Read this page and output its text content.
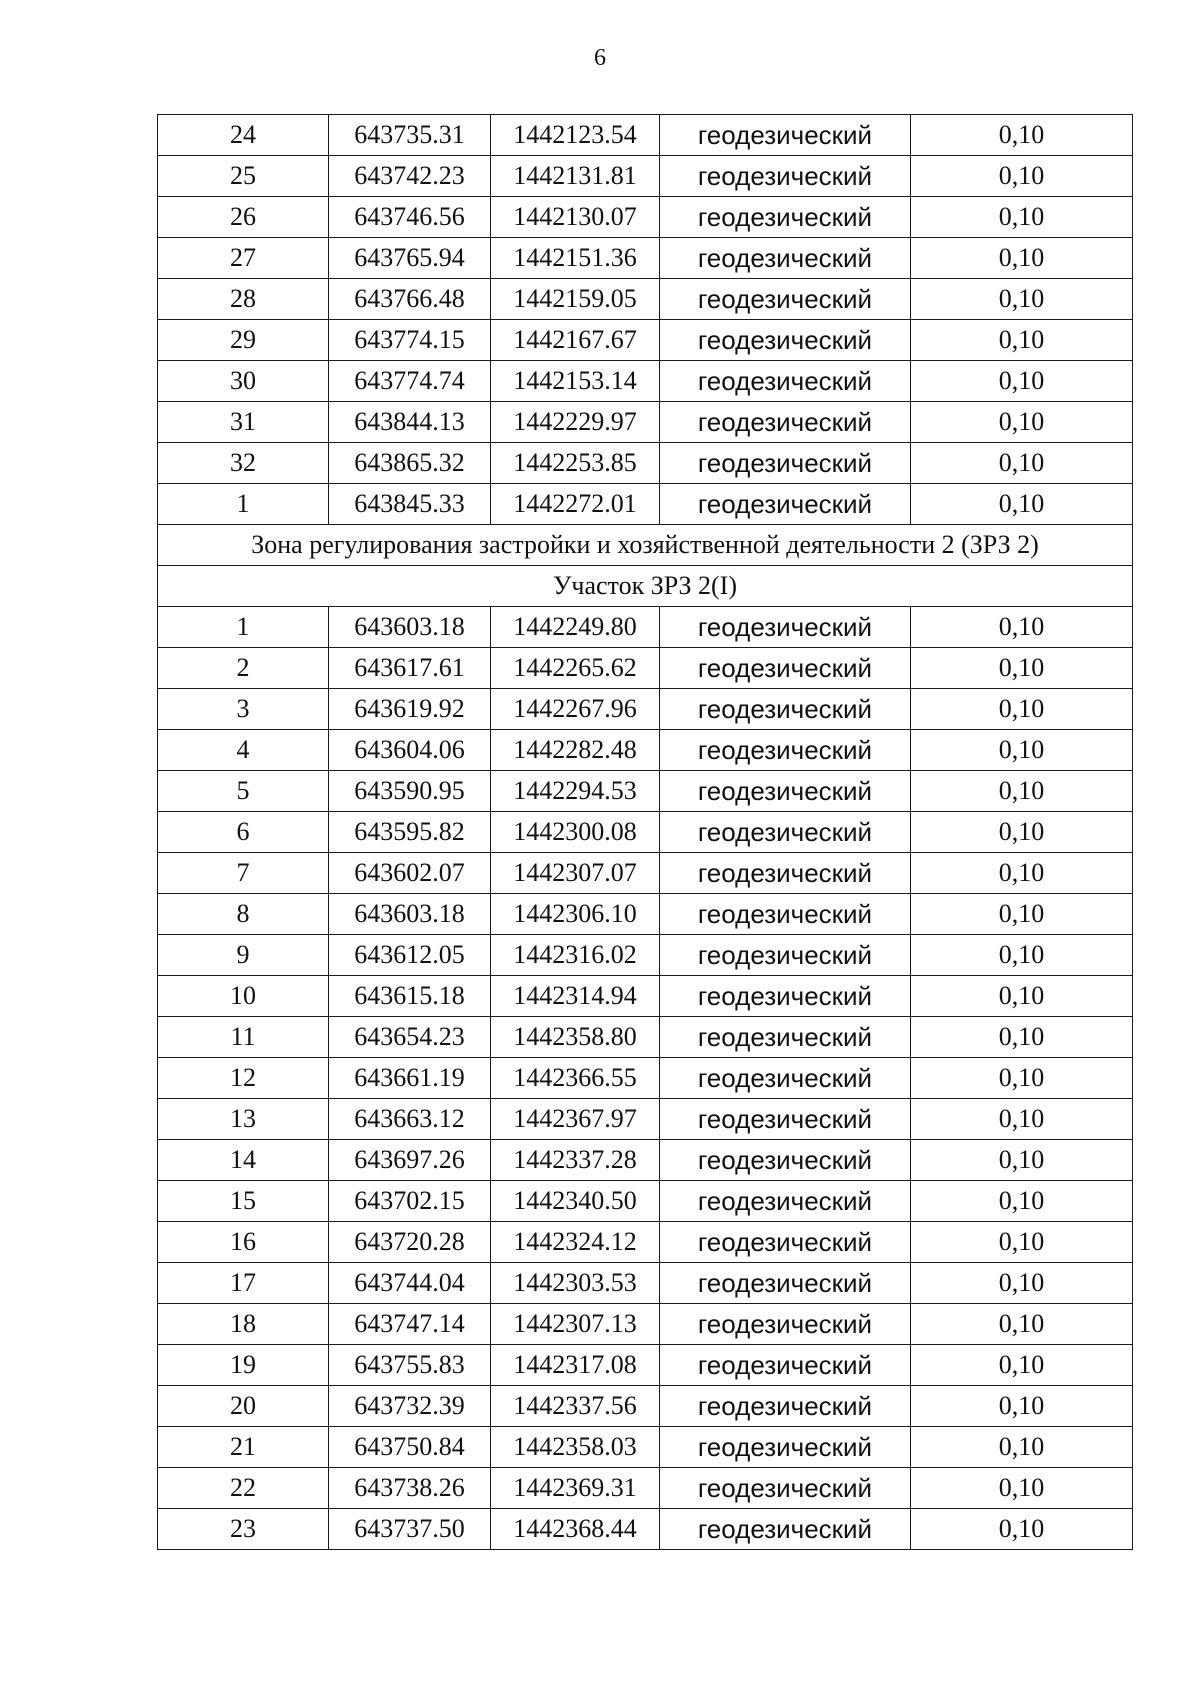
6
24	643735.31	1442123.54	геодезический	0,10
25	643742.23	1442131.81	геодезический	0,10
26	643746.56	1442130.07	геодезический	0,10
27	643765.94	1442151.36	геодезический	0,10
28	643766.48	1442159.05	геодезический	0,10
29	643774.15	1442167.67	геодезический	0,10
30	643774.74	1442153.14	геодезический	0,10
31	643844.13	1442229.97	геодезический	0,10
32	643865.32	1442253.85	геодезический	0,10
1	643845.33	1442272.01	геодезический	0,10
Зона регулирования застройки и хозяйственной деятельности 2 (ЗРЗ 2)				
Участок ЗРЗ 2(I)				
1	643603.18	1442249.80	геодезический	0,10
2	643617.61	1442265.62	геодезический	0,10
3	643619.92	1442267.96	геодезический	0,10
4	643604.06	1442282.48	геодезический	0,10
5	643590.95	1442294.53	геодезический	0,10
6	643595.82	1442300.08	геодезический	0,10
7	643602.07	1442307.07	геодезический	0,10
8	643603.18	1442306.10	геодезический	0,10
9	643612.05	1442316.02	геодезический	0,10
10	643615.18	1442314.94	геодезический	0,10
11	643654.23	1442358.80	геодезический	0,10
12	643661.19	1442366.55	геодезический	0,10
13	643663.12	1442367.97	геодезический	0,10
14	643697.26	1442337.28	геодезический	0,10
15	643702.15	1442340.50	геодезический	0,10
16	643720.28	1442324.12	геодезический	0,10
17	643744.04	1442303.53	геодезический	0,10
18	643747.14	1442307.13	геодезический	0,10
19	643755.83	1442317.08	геодезический	0,10
20	643732.39	1442337.56	геодезический	0,10
21	643750.84	1442358.03	геодезический	0,10
22	643738.26	1442369.31	геодезический	0,10
23	643737.50	1442368.44	геодезический	0,10
